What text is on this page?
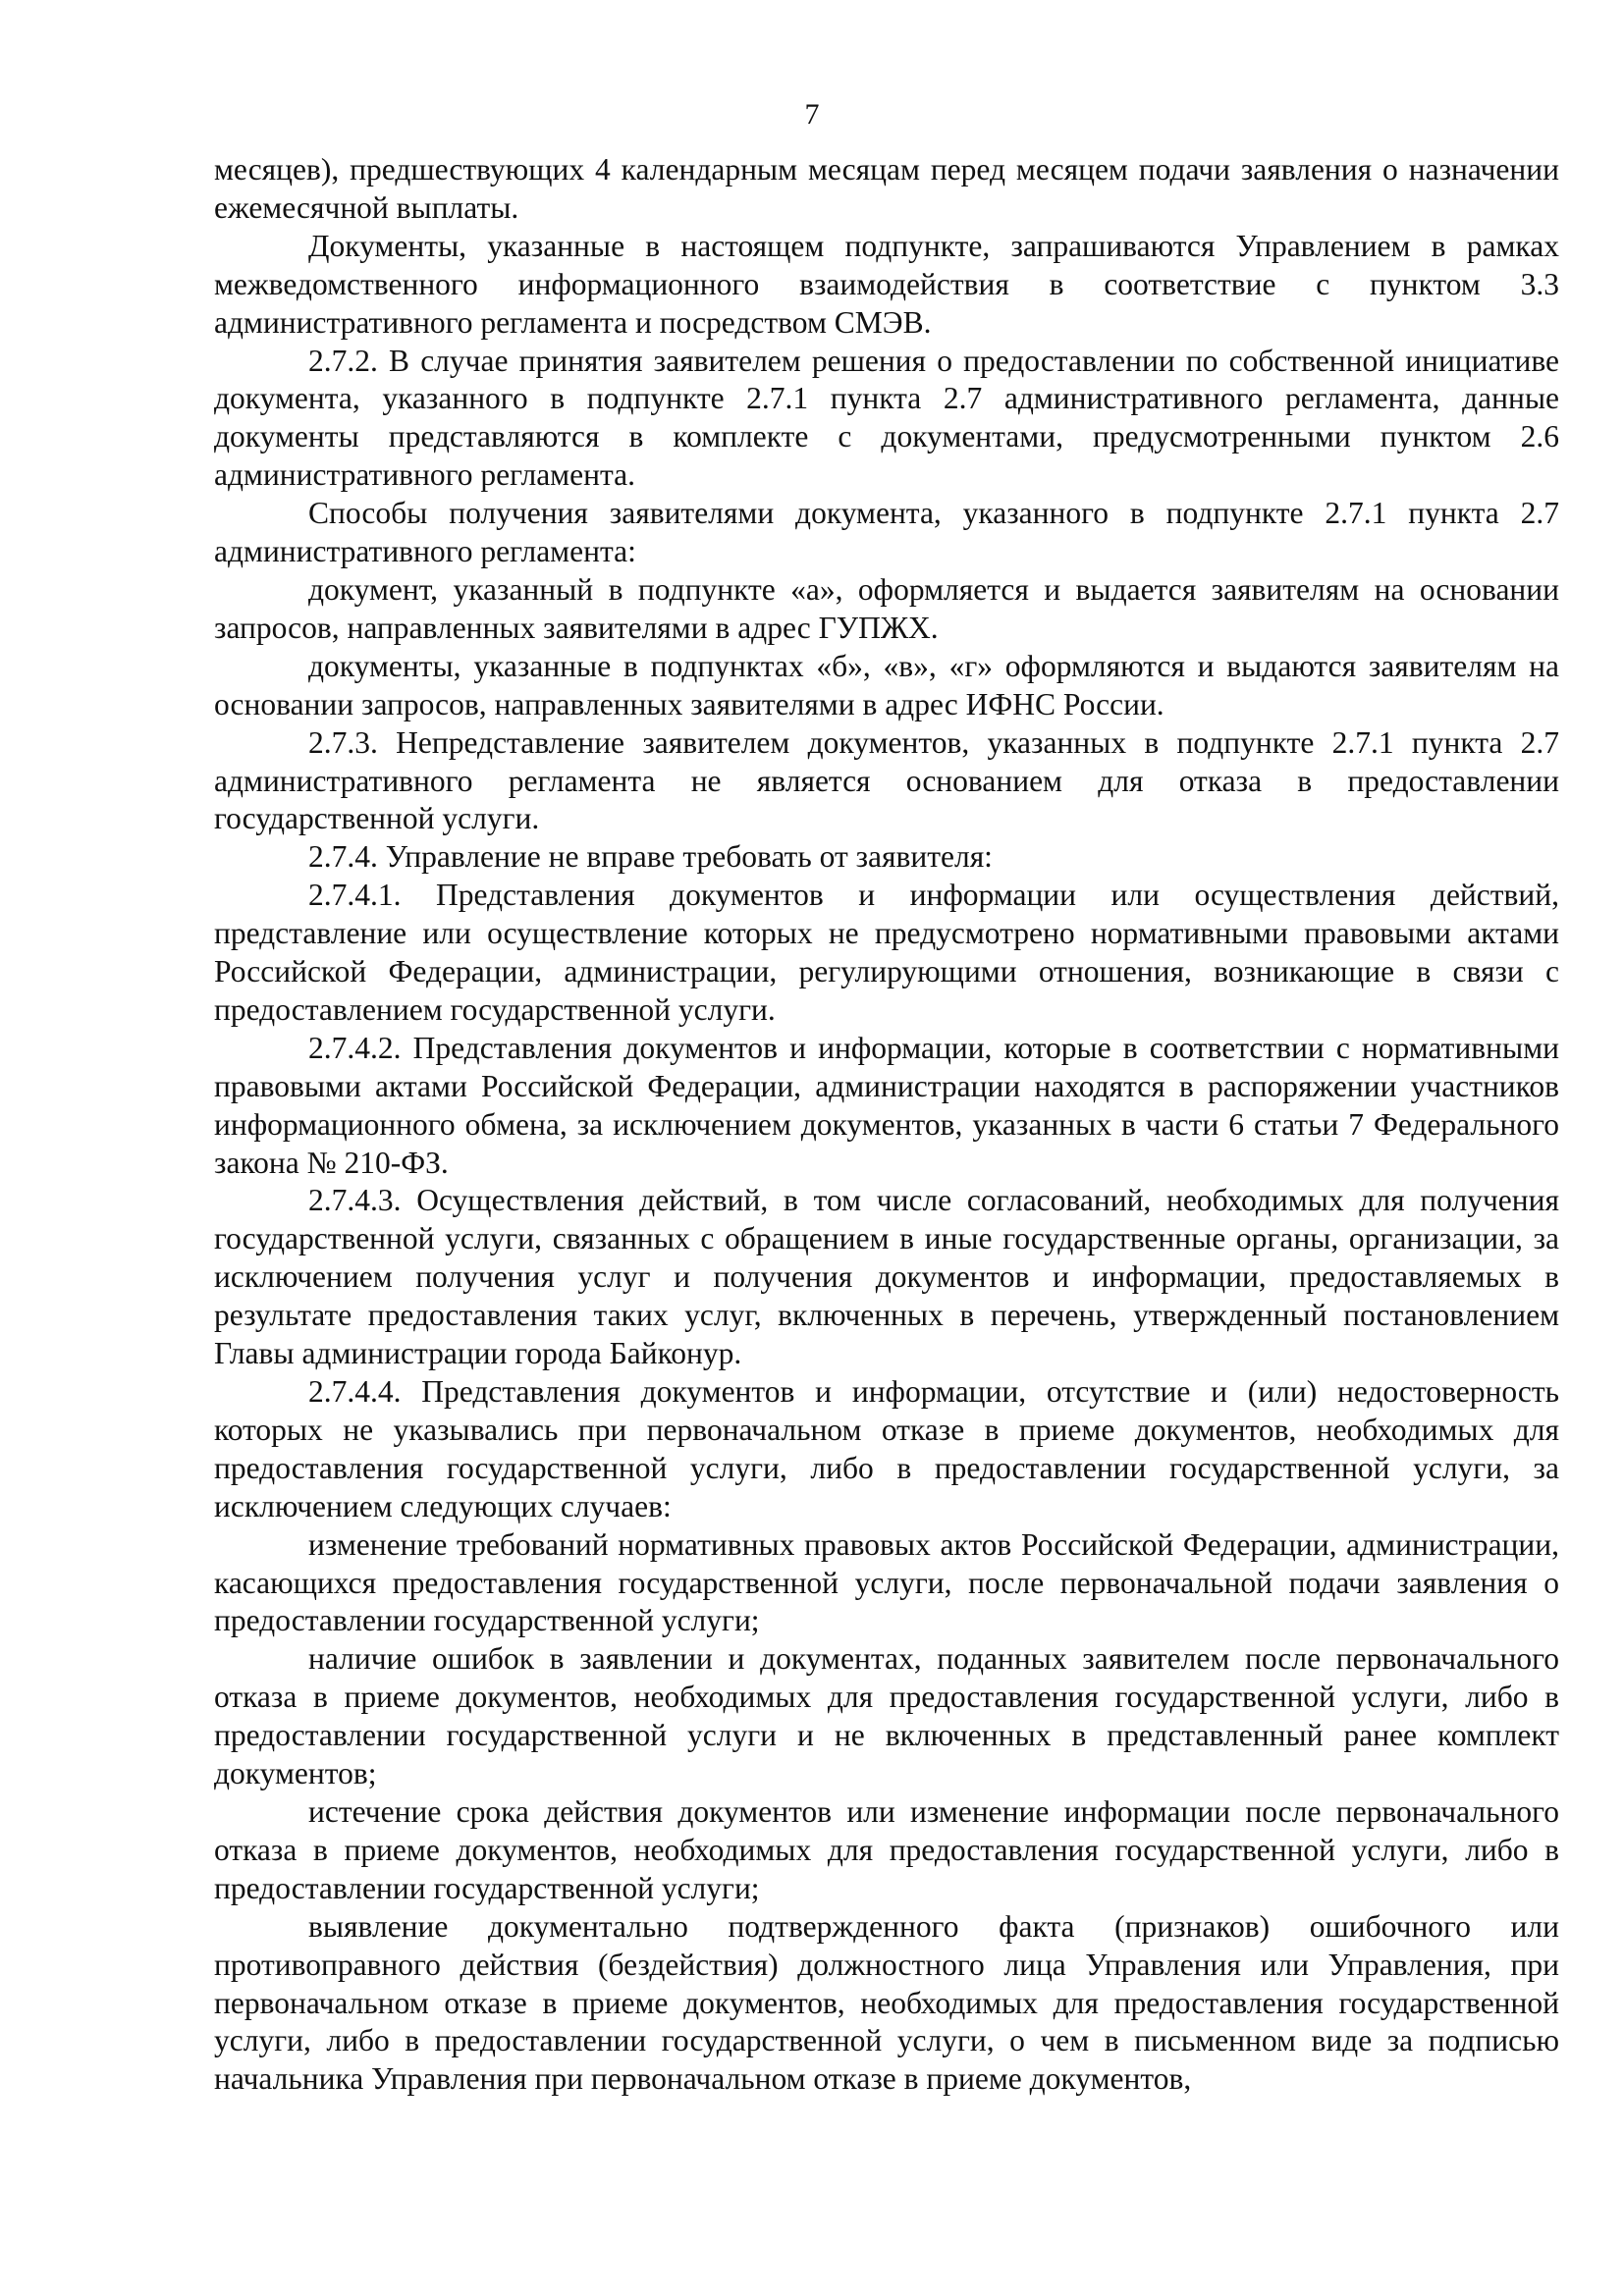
7

месяцев), предшествующих 4 календарным месяцам перед месяцем подачи заявления о назначении ежемесячной выплаты.

Документы, указанные в настоящем подпункте, запрашиваются Управлением в рамках межведомственного информационного взаимодействия в соответствие с пунктом 3.3 административного регламента и посредством СМЭВ.

2.7.2. В случае принятия заявителем решения о предоставлении по собственной инициативе документа, указанного в подпункте 2.7.1 пункта 2.7 административного регламента, данные документы представляются в комплекте с документами, предусмотренными пунктом 2.6 административного регламента.

Способы получения заявителями документа, указанного в подпункте 2.7.1 пункта 2.7 административного регламента:

документ, указанный в подпункте «а», оформляется и выдается заявителям на основании запросов, направленных заявителями в адрес ГУПЖХ.

документы, указанные в подпунктах «б», «в», «г» оформляются и выдаются заявителям на основании запросов, направленных заявителями в адрес ИФНС России.

2.7.3. Непредставление заявителем документов, указанных в подпункте 2.7.1 пункта 2.7 административного регламента не является основанием для отказа в предоставлении государственной услуги.

2.7.4. Управление не вправе требовать от заявителя:

2.7.4.1. Представления документов и информации или осуществления действий, представление или осуществление которых не предусмотрено нормативными правовыми актами Российской Федерации, администрации, регулирующими отношения, возникающие в связи с предоставлением государственной услуги.

2.7.4.2. Представления документов и информации, которые в соответствии с нормативными правовыми актами Российской Федерации, администрации находятся в распоряжении участников информационного обмена, за исключением документов, указанных в части 6 статьи 7 Федерального закона № 210-ФЗ.

2.7.4.3. Осуществления действий, в том числе согласований, необходимых для получения государственной услуги, связанных с обращением в иные государственные органы, организации, за исключением получения услуг и получения документов и информации, предоставляемых в результате предоставления таких услуг, включенных в перечень, утвержденный постановлением Главы администрации города Байконур.

2.7.4.4. Представления документов и информации, отсутствие и (или) недостоверность которых не указывались при первоначальном отказе в приеме документов, необходимых для предоставления государственной услуги, либо в предоставлении государственной услуги, за исключением следующих случаев:

изменение требований нормативных правовых актов Российской Федерации, администрации, касающихся предоставления государственной услуги, после первоначальной подачи заявления о предоставлении государственной услуги;

наличие ошибок в заявлении и документах, поданных заявителем после первоначального отказа в приеме документов, необходимых для предоставления государственной услуги, либо в предоставлении государственной услуги и не включенных в представленный ранее комплект документов;

истечение срока действия документов или изменение информации после первоначального отказа в приеме документов, необходимых для предоставления государственной услуги, либо в предоставлении государственной услуги;

выявление документально подтвержденного факта (признаков) ошибочного или противоправного действия (бездействия) должностного лица Управления или Управления, при первоначальном отказе в приеме документов, необходимых для предоставления государственной услуги, либо в предоставлении государственной услуги, о чем в письменном виде за подписью начальника Управления при первоначальном отказе в приеме документов,
